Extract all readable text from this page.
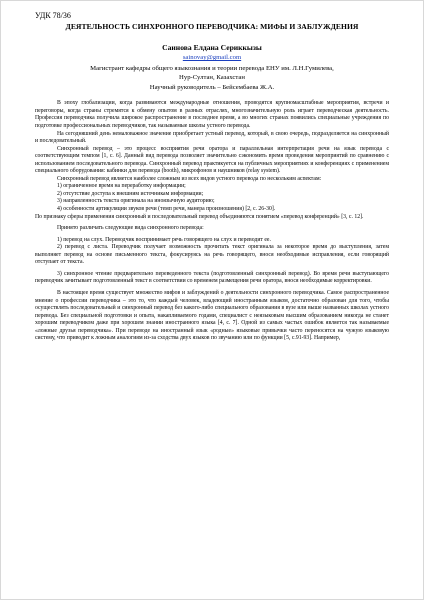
УДК 78/36

ДЕЯТЕЛЬНОСТЬ СИНХРОННОГО ПЕРЕВОДЧИКА: МИФЫ И ЗАБЛУЖДЕНИЯ

Саинова Елдана Сериккызы

sainovay@gmail.com

Магистрант кафедры общего языкознания и теории перевода ЕНУ им. Л.Н.Гумилева,

Нур-Султан, Казахстан

Научный руководитель – Бейсембаева Ж.А.

В эпоху глобализации, когда развиваются международные отношения, проводятся крупномасштабные мероприятия, встречи и переговоры, когда страны стремятся к обмену опытом в разных отраслях, многозначительную роль играет переводческая деятельность. Профессия переводчика получила широкое распространение в последнее время, а во многих странах появились специальные учреждения по подготовке профессиональных переводчиков, так называемые школы устного перевода.

На сегодняшний день немаловажное значение приобретает устный перевод, который, в свою очередь, подразделяется на синхронный и последовательный.

Синхронный перевод – это процесс восприятия речи оратора и параллельная интерпретация речи на язык перевода с соответствующим темпом [1, с. 6]. Данный вид перевода позволяет значительно сэкономить время проведения мероприятий по сравнению с использованием последовательного перевода. Синхронный перевод практикуется на публичных мероприятиях и конференциях с применением специального оборудования: кабинки для перевода (booth), микрофонов и наушников (relay system).

Синхронный перевод является наиболее сложным из всех видов устного перевода по нескольким аспектам:

1) ограниченное время на переработку информации;

2) отсутствие доступа к внешним источникам информации;

3) направленность текста оригинала на иноязычную аудиторию;

4) особенности артикуляции звуков речи (темп речи, манера произношения) [2, с. 26-30].

По признаку сферы применения синхронный и последовательный перевод объединяются понятием «перевод конференций» [3, с. 12].

Принято различать следующие вида синхронного перевода:

1) перевод на слух. Переводчик воспринимает речь говорящего на слух и переводит ее.

2) перевод с листа. Переводчик получает возможность прочитать текст оригинала за некоторое время до выступления, затем выполняет перевод на основе письменного текста, фокусируясь на речь говорящего, внося необходимые исправления, если говорящий отступает от текста.

3) синхронное чтение предварительно переведенного текста (подготовленный синхронный перевод). Во время речи выступающего переводчик зачитывает подготовленный текст в соответствии со временем размещения речи оратора, внося необходимые корректировки.

В настоящее время существует множество мифов и заблуждений о деятельности синхронного переводчика. Самое распространенное мнение о профессии переводчика – это то, что каждый человек, владеющий иностранным языком, достаточно образован для того, чтобы осуществлять последовательный и синхронный перевод без какого-либо специального образования в вузе или выше названных школах устного перевода. Без специальной подготовки и опыта, накапливаемого годами, специалист с неязыковым высшим образованием никогда не станет хорошим переводчиком даже при хорошем знании иностранного языка [4, с. 7]. Одной из самых частых ошибок является так называемые «ложные друзья переводчика». При переводе на иностранный язык «родные» языковые привычки часто переносятся на чужую языковую систему, что приводит к ложным аналогиям из-за сходства двух языков по звучанию или по функции [5, с.91-93]. Например,
